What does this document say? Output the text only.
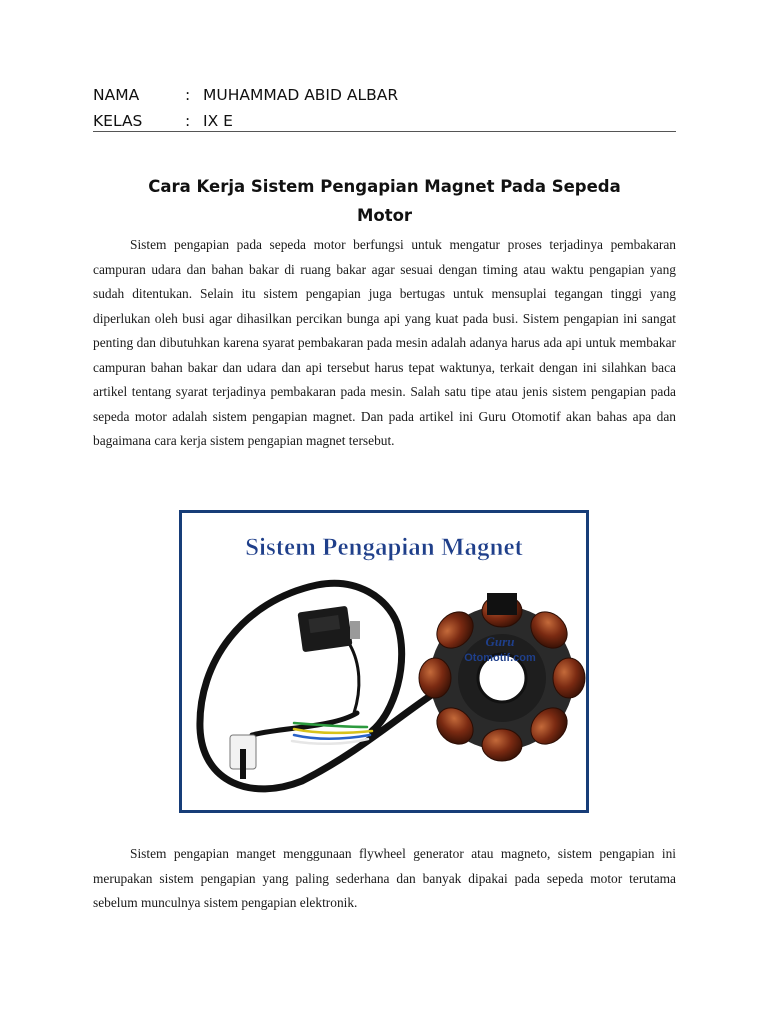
NAMA	: MUHAMMAD ABID ALBAR
KELAS	: IX E
Cara Kerja Sistem Pengapian Magnet Pada Sepeda
Motor

Sistem pengapian pada sepeda motor berfungsi untuk mengatur proses terjadinya pembakaran campuran udara dan bahan bakar di ruang bakar agar sesuai dengan timing atau waktu pengapian yang sudah ditentukan. Selain itu sistem pengapian juga bertugas untuk mensuplai tegangan tinggi yang diperlukan oleh busi agar dihasilkan percikan bunga api yang kuat pada busi. Sistem pengapian ini sangat penting dan dibutuhkan karena syarat pembakaran pada mesin adalah adanya harus ada api untuk membakar campuran bahan bakar dan udara dan api tersebut harus tepat waktunya, terkait dengan ini silahkan baca artikel tentang syarat terjadinya pembakaran pada mesin. Salah satu tipe atau jenis sistem pengapian pada sepeda motor adalah sistem pengapian magnet. Dan pada artikel ini Guru Otomotif akan bahas apa dan bagaimana cara kerja sistem pengapian magnet tersebut.

Sistem Pengapian Magnet
Guru
Otomotif.com

Sistem pengapian manget menggunaan flywheel generator atau magneto, sistem pengapian ini merupakan sistem pengapian yang paling sederhana dan banyak dipakai pada sepeda motor terutama sebelum munculnya sistem pengapian elektronik.
